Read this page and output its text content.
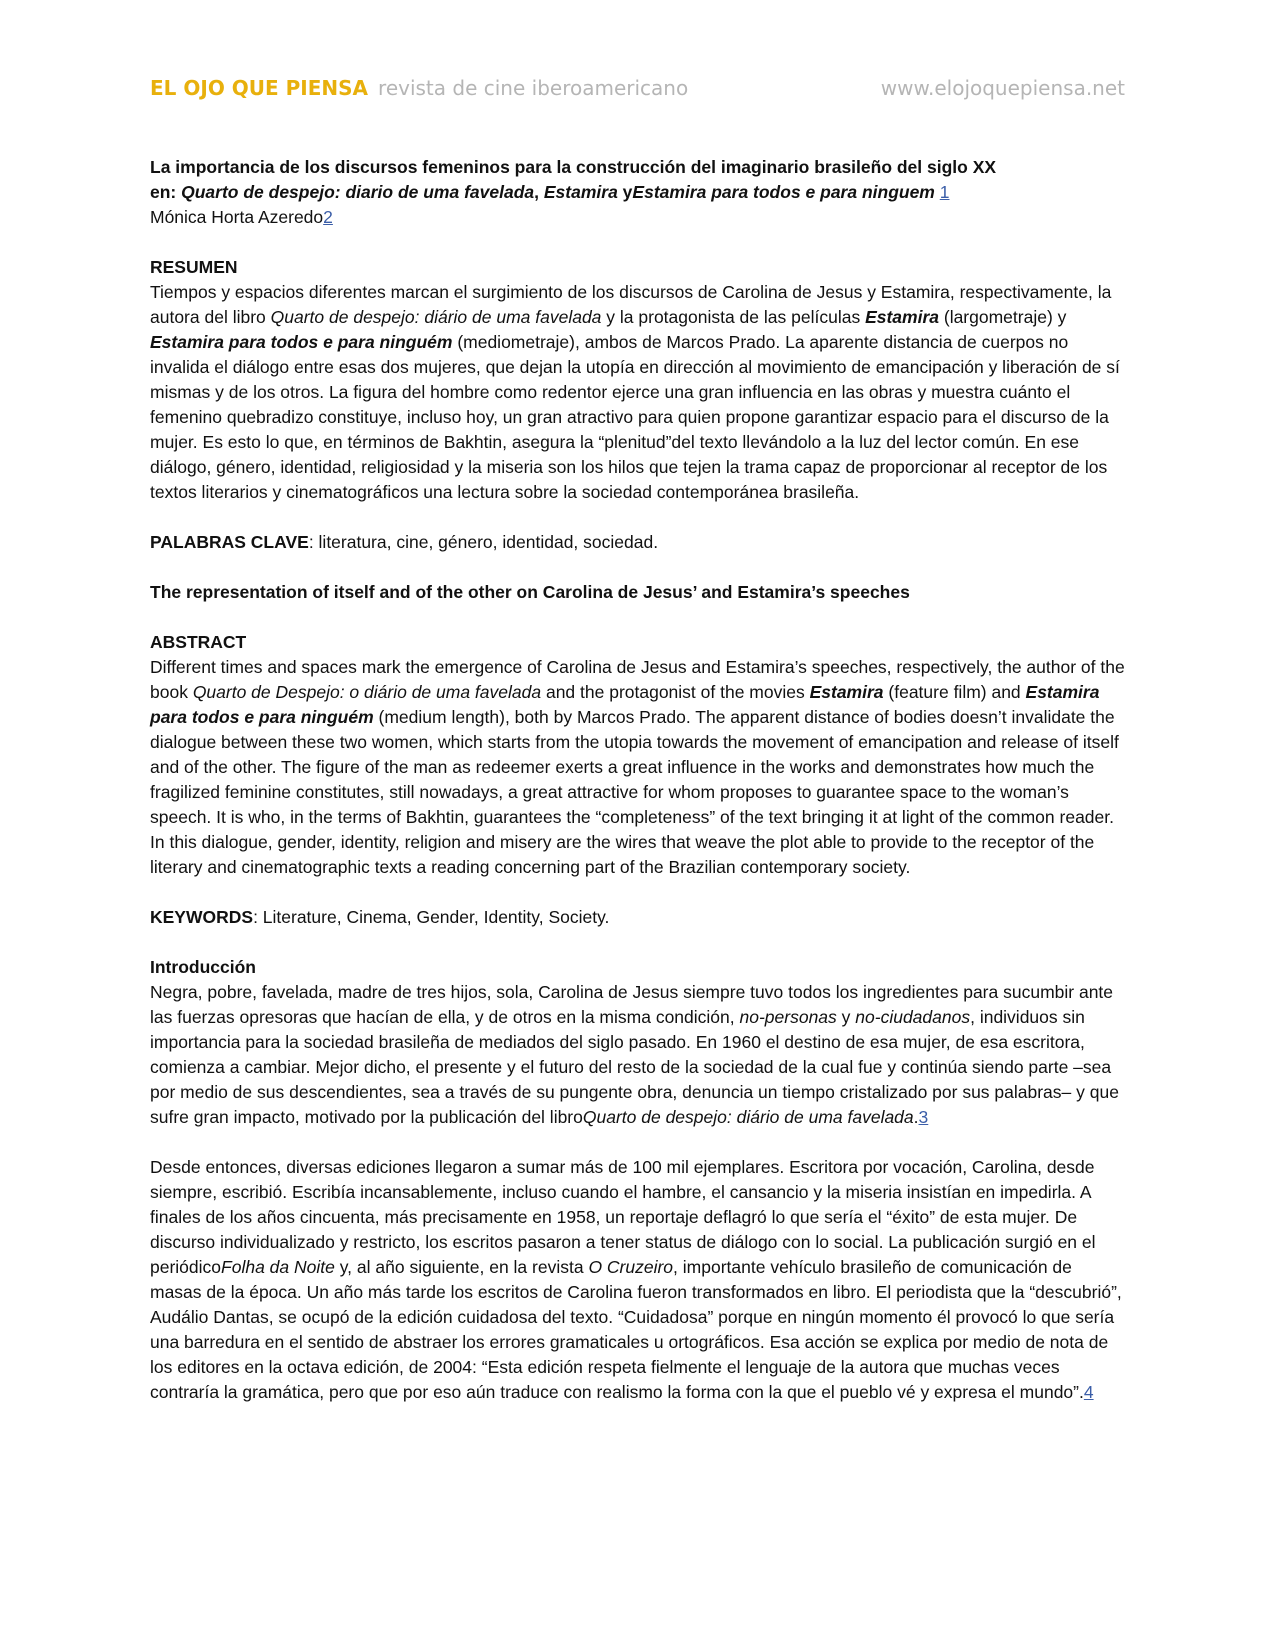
EL OJO QUE PIENSA revista de cine iberoamericano	www.elojoquepiensa.net

La importancia de los discursos femeninos para la construcción del imaginario brasileño del siglo XX
en: Quarto de despejo: diario de uma favelada, Estamira yEstamira para todos e para ninguem 1

Mónica Horta Azeredo2

RESUMEN

Tiempos y espacios diferentes marcan el surgimiento de los discursos de Carolina de Jesus y Estamira, respectivamente, la autora del libro Quarto de despejo: diário de uma favelada y la protagonista de las películas Estamira (largometraje) y Estamira para todos e para ninguém (mediometraje), ambos de Marcos Prado. La aparente distancia de cuerpos no invalida el diálogo entre esas dos mujeres, que dejan la utopía en dirección al movimiento de emancipación y liberación de sí mismas y de los otros. La figura del hombre como redentor ejerce una gran influencia en las obras y muestra cuánto el femenino quebradizo constituye, incluso hoy, un gran atractivo para quien propone garantizar espacio para el discurso de la mujer. Es esto lo que, en términos de Bakhtin, asegura la “plenitud”del texto llevándolo a la luz del lector común. En ese diálogo, género, identidad, religiosidad y la miseria son los hilos que tejen la trama capaz de proporcionar al receptor de los textos literarios y cinematográficos una lectura sobre la sociedad contemporánea brasileña.

PALABRAS CLAVE: literatura, cine, género, identidad, sociedad.

The representation of itself and of the other on Carolina de Jesus’ and Estamira’s speeches

ABSTRACT

Different times and spaces mark the emergence of Carolina de Jesus and Estamira’s speeches, respectively, the author of the book Quarto de Despejo: o diário de uma favelada and the protagonist of the movies Estamira (feature film) and Estamira para todos e para ninguém (medium length), both by Marcos Prado. The apparent distance of bodies doesn’t invalidate the dialogue between these two women, which starts from the utopia towards the movement of emancipation and release of itself and of the other. The figure of the man as redeemer exerts a great influence in the works and demonstrates how much the fragilized feminine constitutes, still nowadays, a great attractive for whom proposes to guarantee space to the woman’s speech. It is who, in the terms of Bakhtin, guarantees the “completeness” of the text bringing it at light of the common reader. In this dialogue, gender, identity, religion and misery are the wires that weave the plot able to provide to the receptor of the literary and cinematographic texts a reading concerning part of the Brazilian contemporary society.

KEYWORDS: Literature, Cinema, Gender, Identity, Society.

Introducción

Negra, pobre, favelada, madre de tres hijos, sola, Carolina de Jesus siempre tuvo todos los ingredientes para sucumbir ante las fuerzas opresoras que hacían de ella, y de otros en la misma condición, no-personas y no-ciudadanos, individuos sin importancia para la sociedad brasileña de mediados del siglo pasado. En 1960 el destino de esa mujer, de esa escritora, comienza a cambiar. Mejor dicho, el presente y el futuro del resto de la sociedad de la cual fue y continúa siendo parte –sea por medio de sus descendientes, sea a través de su pungente obra, denuncia un tiempo cristalizado por sus palabras– y que sufre gran impacto, motivado por la publicación del libroQuarto de despejo: diário de uma favelada.3

Desde entonces, diversas ediciones llegaron a sumar más de 100 mil ejemplares. Escritora por vocación, Carolina, desde siempre, escribió. Escribía incansablemente, incluso cuando el hambre, el cansancio y la miseria insistían en impedirla. A finales de los años cincuenta, más precisamente en 1958, un reportaje deflagró lo que sería el “éxito” de esta mujer. De discurso individualizado y restricto, los escritos pasaron a tener status de diálogo con lo social. La publicación surgió en el periódicoFolha da Noite y, al año siguiente, en la revista O Cruzeiro, importante vehículo brasileño de comunicación de masas de la época. Un año más tarde los escritos de Carolina fueron transformados en libro. El periodista que la “descubrió”, Audálio Dantas, se ocupó de la edición cuidadosa del texto. “Cuidadosa” porque en ningún momento él provocó lo que sería una barredura en el sentido de abstraer los errores gramaticales u ortográficos. Esa acción se explica por medio de nota de los editores en la octava edición, de 2004: “Esta edición respeta fielmente el lenguaje de la autora que muchas veces contraría la gramática, pero que por eso aún traduce con realismo la forma con la que el pueblo vé y expresa el mundo”.4
